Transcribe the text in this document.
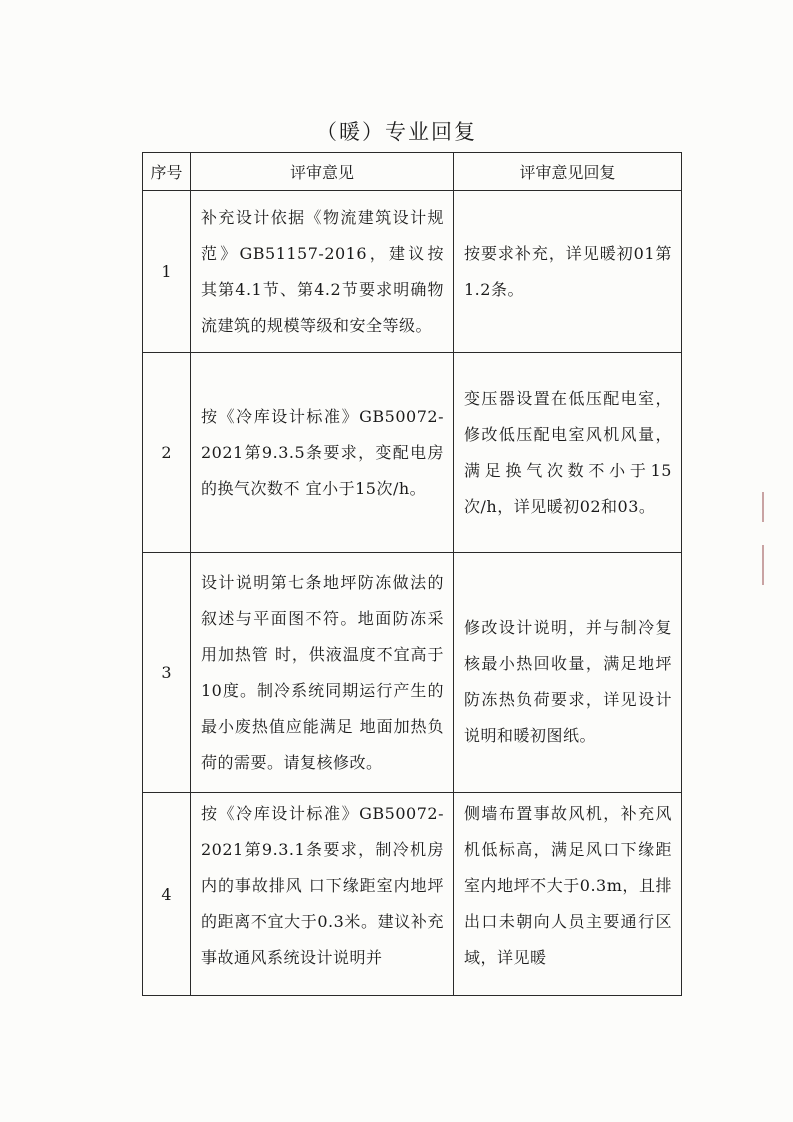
（暖）专业回复
序号	评审意见	评审意见回复
1	补充设计依据《物流建筑设计规范》GB51157-2016，建议按其第4.1节、第4.2节要求明确物流建筑的规模等级和安全等级。	按要求补充，详见暖初01第1.2条。

2	按《冷库设计标准》GB50072-2021第9.3.5条要求，变配电房的换气次数不 宜小于15次/h。	变压器设置在低压配电室，修改低压配电室风机风量，满足换气次数不小于15次/h，详见暖初02和03。

3	设计说明第七条地坪防冻做法的叙述与平面图不符。地面防冻采用加热管 时，供液温度不宜高于10度。制冷系统同期运行产生的最小废热值应能满足 地面加热负荷的需要。请复核修改。	修改设计说明，并与制冷复核最小热回收量，满足地坪防冻热负荷要求，详见设计说明和暖初图纸。

4	按《冷库设计标准》GB50072-2021第9.3.1条要求，制冷机房内的事故排风 口下缘距室内地坪的距离不宜大于0.3米。建议补充事故通风系统设计说明并	侧墙布置事故风机，补充风机低标高，满足风口下缘距室内地坪不大于0.3m，且排出口未朝向人员主要通行区域，详见暖
